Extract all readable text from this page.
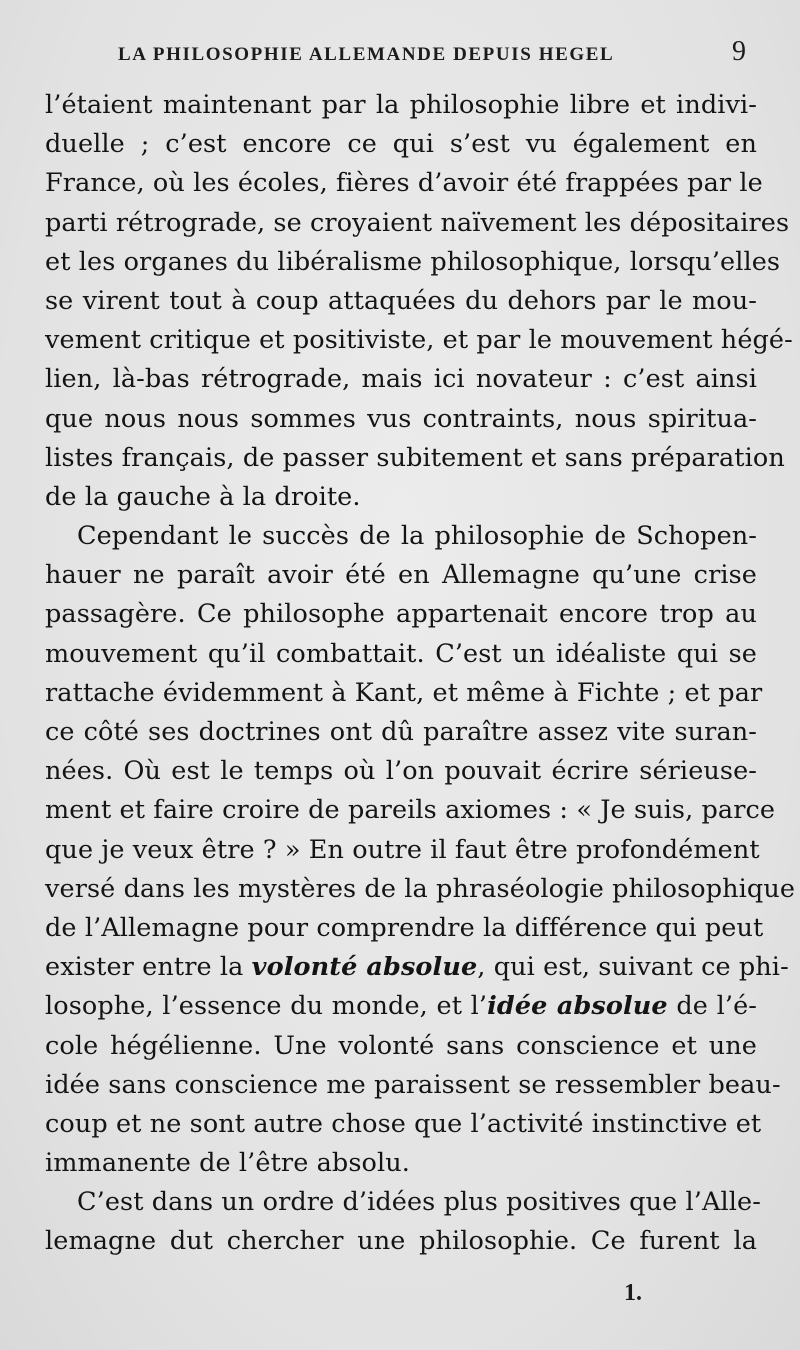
LA PHILOSOPHIE ALLEMANDE DEPUIS HEGEL	9
l’étaient maintenant par la philosophie libre et indivi-
duelle ; c’est encore ce qui s’est vu également en
France, où les écoles, fières d’avoir été frappées par le
parti rétrograde, se croyaient naïvement les dépositaires
et les organes du libéralisme philosophique, lorsqu’elles
se virent tout à coup attaquées du dehors par le mou-
vement critique et positiviste, et par le mouvement hégé-
lien, là-bas rétrograde, mais ici novateur : c’est ainsi
que nous nous sommes vus contraints, nous spiritua-
listes français, de passer subitement et sans préparation
de la gauche à la droite.
Cependant le succès de la philosophie de Schopen-
hauer ne paraît avoir été en Allemagne qu’une crise
passagère. Ce philosophe appartenait encore trop au
mouvement qu’il combattait. C’est un idéaliste qui se
rattache évidemment à Kant, et même à Fichte ; et par
ce côté ses doctrines ont dû paraître assez vite suran-
nées. Où est le temps où l’on pouvait écrire sérieuse-
ment et faire croire de pareils axiomes : « Je suis, parce
que je veux être ? » En outre il faut être profondément
versé dans les mystères de la phraséologie philosophique
de l’Allemagne pour comprendre la différence qui peut
exister entre la volonté absolue, qui est, suivant ce phi-
losophe, l’essence du monde, et l’idée absolue de l’é-
cole hégélienne. Une volonté sans conscience et une
idée sans conscience me paraissent se ressembler beau-
coup et ne sont autre chose que l’activité instinctive et
immanente de l’être absolu.
C’est dans un ordre d’idées plus positives que l’Alle-
lemagne dut chercher une philosophie. Ce furent la
1.
